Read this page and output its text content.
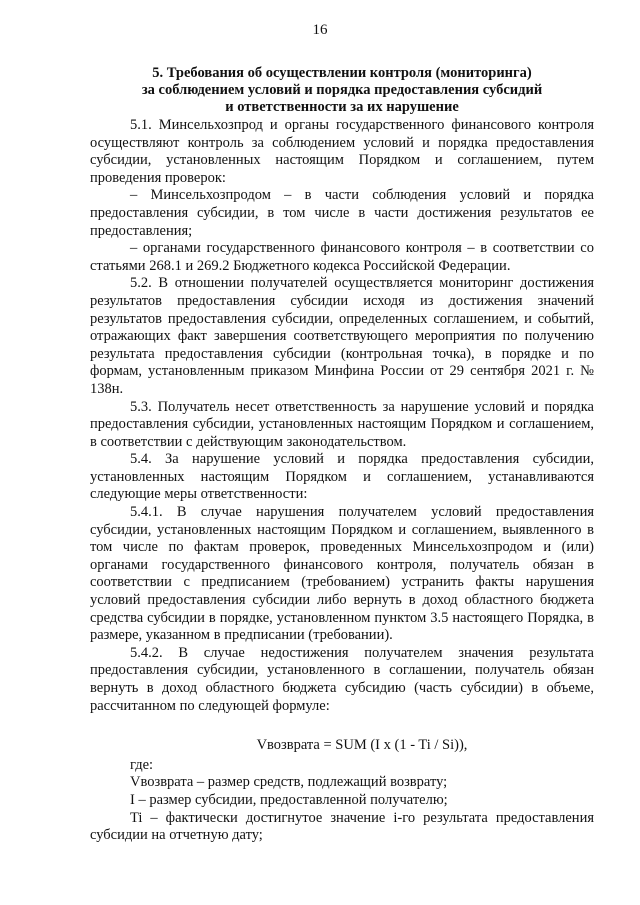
16
5. Требования об осуществлении контроля (мониторинга)
за соблюдением условий и порядка предоставления субсидий
и ответственности за их нарушение

5.1. Минсельхозпрод и органы государственного финансового контроля осуществляют контроль за соблюдением условий и порядка предоставления субсидии, установленных настоящим Порядком и соглашением, путем проведения проверок:

– Минсельхозпродом – в части соблюдения условий и порядка предоставления субсидии, в том числе в части достижения результатов ее предоставления;

– органами государственного финансового контроля – в соответствии со статьями 268.1 и 269.2 Бюджетного кодекса Российской Федерации.

5.2. В отношении получателей осуществляется мониторинг достижения результатов предоставления субсидии исходя из достижения значений результатов предоставления субсидии, определенных соглашением, и событий, отражающих факт завершения соответствующего мероприятия по получению результата предоставления субсидии (контрольная точка), в порядке и по формам, установленным приказом Минфина России от 29 сентября 2021 г. № 138н.

5.3. Получатель несет ответственность за нарушение условий и порядка предоставления субсидии, установленных настоящим Порядком и соглашением, в соответствии с действующим законодательством.

5.4. За нарушение условий и порядка предоставления субсидии, установленных настоящим Порядком и соглашением, устанавливаются следующие меры ответственности:

5.4.1. В случае нарушения получателем условий предоставления субсидии, установленных настоящим Порядком и соглашением, выявленного в том числе по фактам проверок, проведенных Минсельхозпродом и (или) органами государственного финансового контроля, получатель обязан в соответствии с предписанием (требованием) устранить факты нарушения условий предоставления субсидии либо вернуть в доход областного бюджета средства субсидии в порядке, установленном пунктом 3.5 настоящего Порядка, в размере, указанном в предписании (требовании).

5.4.2. В случае недостижения получателем значения результата предоставления субсидии, установленного в соглашении, получатель обязан вернуть в доход областного бюджета субсидию (часть субсидии) в объеме, рассчитанном по следующей формуле:

Vвозврата = SUM (I x (1 - Ti / Si)),

где:

Vвозврата – размер средств, подлежащий возврату;

I – размер субсидии, предоставленной получателю;

Ti – фактически достигнутое значение i-го результата предоставления субсидии на отчетную дату;
